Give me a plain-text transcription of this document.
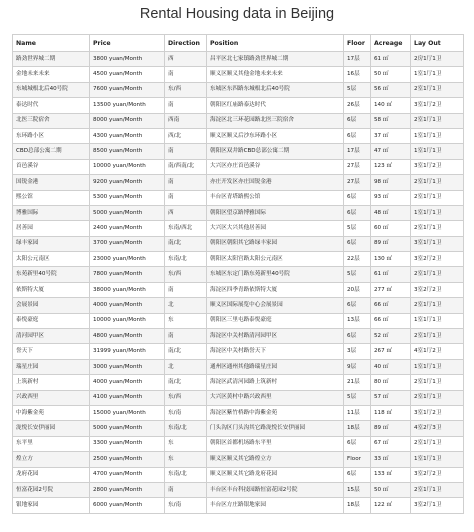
Rental Housing data in Beijing
Name	Price	Direction	Position	Floor	Acreage	Lay Out
路劲世界城二期	3800 yuan/Month	西	昌平区北七家镇路劲世界城二期	17层	61 ㎡	2房1厅1卫
金地未来未来	4500 yuan/Month	南	顺义区顺义其他金地未来未来	16层	50 ㎡	1室1厅1卫
东城城根北后40号院	7600 yuan/Month	东/西	东城区东四路东城根北后40号院	5层	56 ㎡	2室1厅1卫
泰达时代	13500 yuan/Month	南	朝阳区红庙路泰达时代	26层	140 ㎡	3室1厅2卫
北医三院宿舍	8000 yuan/Month	西南	海淀区北三环花园路北医三院宿舍	6层	58 ㎡	2室1厅1卫
东环路小区	4300 yuan/Month	西/北	顺义区顺义后沙东环路小区	6层	37 ㎡	1室1厅1卫
CBD总部公寓二期	8500 yuan/Month	南	朝阳区双井路CBD总部公寓二期	17层	47 ㎡	1室1厅1卫
首邑溪谷	10000 yuan/Month	南/西南/北	大兴区亦庄首邑溪谷	27层	123 ㎡	3室1厅2卫
国锐金港	9200 yuan/Month	南	亦庄开发区亦庄国锐金港	27层	98 ㎡	2室1厅1卫
熙公馆	5300 yuan/Month	南	丰台区青塔路熙公馆	6层	93 ㎡	2室1厅1卫
博雅国际	5000 yuan/Month	西	朝阳区望京路博雅国际	6层	48 ㎡	1室1厅1卫
居善园	2400 yuan/Month	东南/西北	大兴区大兴其他居善园	5层	60 ㎡	2室1厅1卫
绿丰家园	3700 yuan/Month	南/北	朝阳区朝阳其它路绿丰家园	6层	89 ㎡	3室1厅1卫
太阳公元南区	23000 yuan/Month	东南/北	朝阳区太阳宫路太阳公元南区	22层	130 ㎡	3室2厅2卫
东苑新里40号院	7800 yuan/Month	东/西	东城区东定门路东苑新里40号院	5层	61 ㎡	2室1厅1卫
依斯特大厦	38000 yuan/Month	南	海淀区四季青路依斯特大厦	20层	277 ㎡	3室2厅2卫
会展景园	4000 yuan/Month	北	顺义区国际展览中心会展景园	6层	66 ㎡	2室1厅1卫
泰悦豪庭	10000 yuan/Month	东	朝阳区三里屯路泰悦豪庭	13层	66 ㎡	1室1厅1卫
清河园甲区	4800 yuan/Month	南	海淀区中关村路清河园甲区	6层	52 ㎡	2室1厅1卫
誉天下	31999 yuan/Month	南/北	海淀区中关村路誉天下	3层	267 ㎡	4室1厅2卫
瑞星庄园	3000 yuan/Month	北	通州区通州其他路瑞星庄园	9层	40 ㎡	1室1厅1卫
上筑新村	4000 yuan/Month	南/北	海淀区武清河园路上筑新村	21层	80 ㎡	2室1厅1卫
兴政西里	4100 yuan/Month	东/西	大兴区黄村中路兴政西里	5层	57 ㎡	2室1厅1卫
中海紫金苑	15000 yuan/Month	东/南	海淀区紫竹桥路中海紫金苑	11层	118 ㎡	3室1厅2卫
泷悦长安伊丽园	5000 yuan/Month	东南/北	门头沟区门头沟其它路泷悦长安伊丽园	18层	89 ㎡	4室2厅3卫
东平里	3300 yuan/Month	东	朝阳区首都机场路东平里	6层	67 ㎡	2室1厅1卫
煌立方	2500 yuan/Month	东	顺义区顺义其它路煌立方	Floor	33 ㎡	1室1厅1卫
龙府花园	4700 yuan/Month	东南/北	顺义区顺义其它路龙府花园	6层	133 ㎡	3室2厅2卫
恒富花园2号院	2800 yuan/Month	南	丰台区丰台科技园路恒富花园2号院	15层	50 ㎡	2室1厅1卫
银地家园	6000 yuan/Month	东/南	丰台区方庄路银地家园	18层	122 ㎡	3室2厅1卫
